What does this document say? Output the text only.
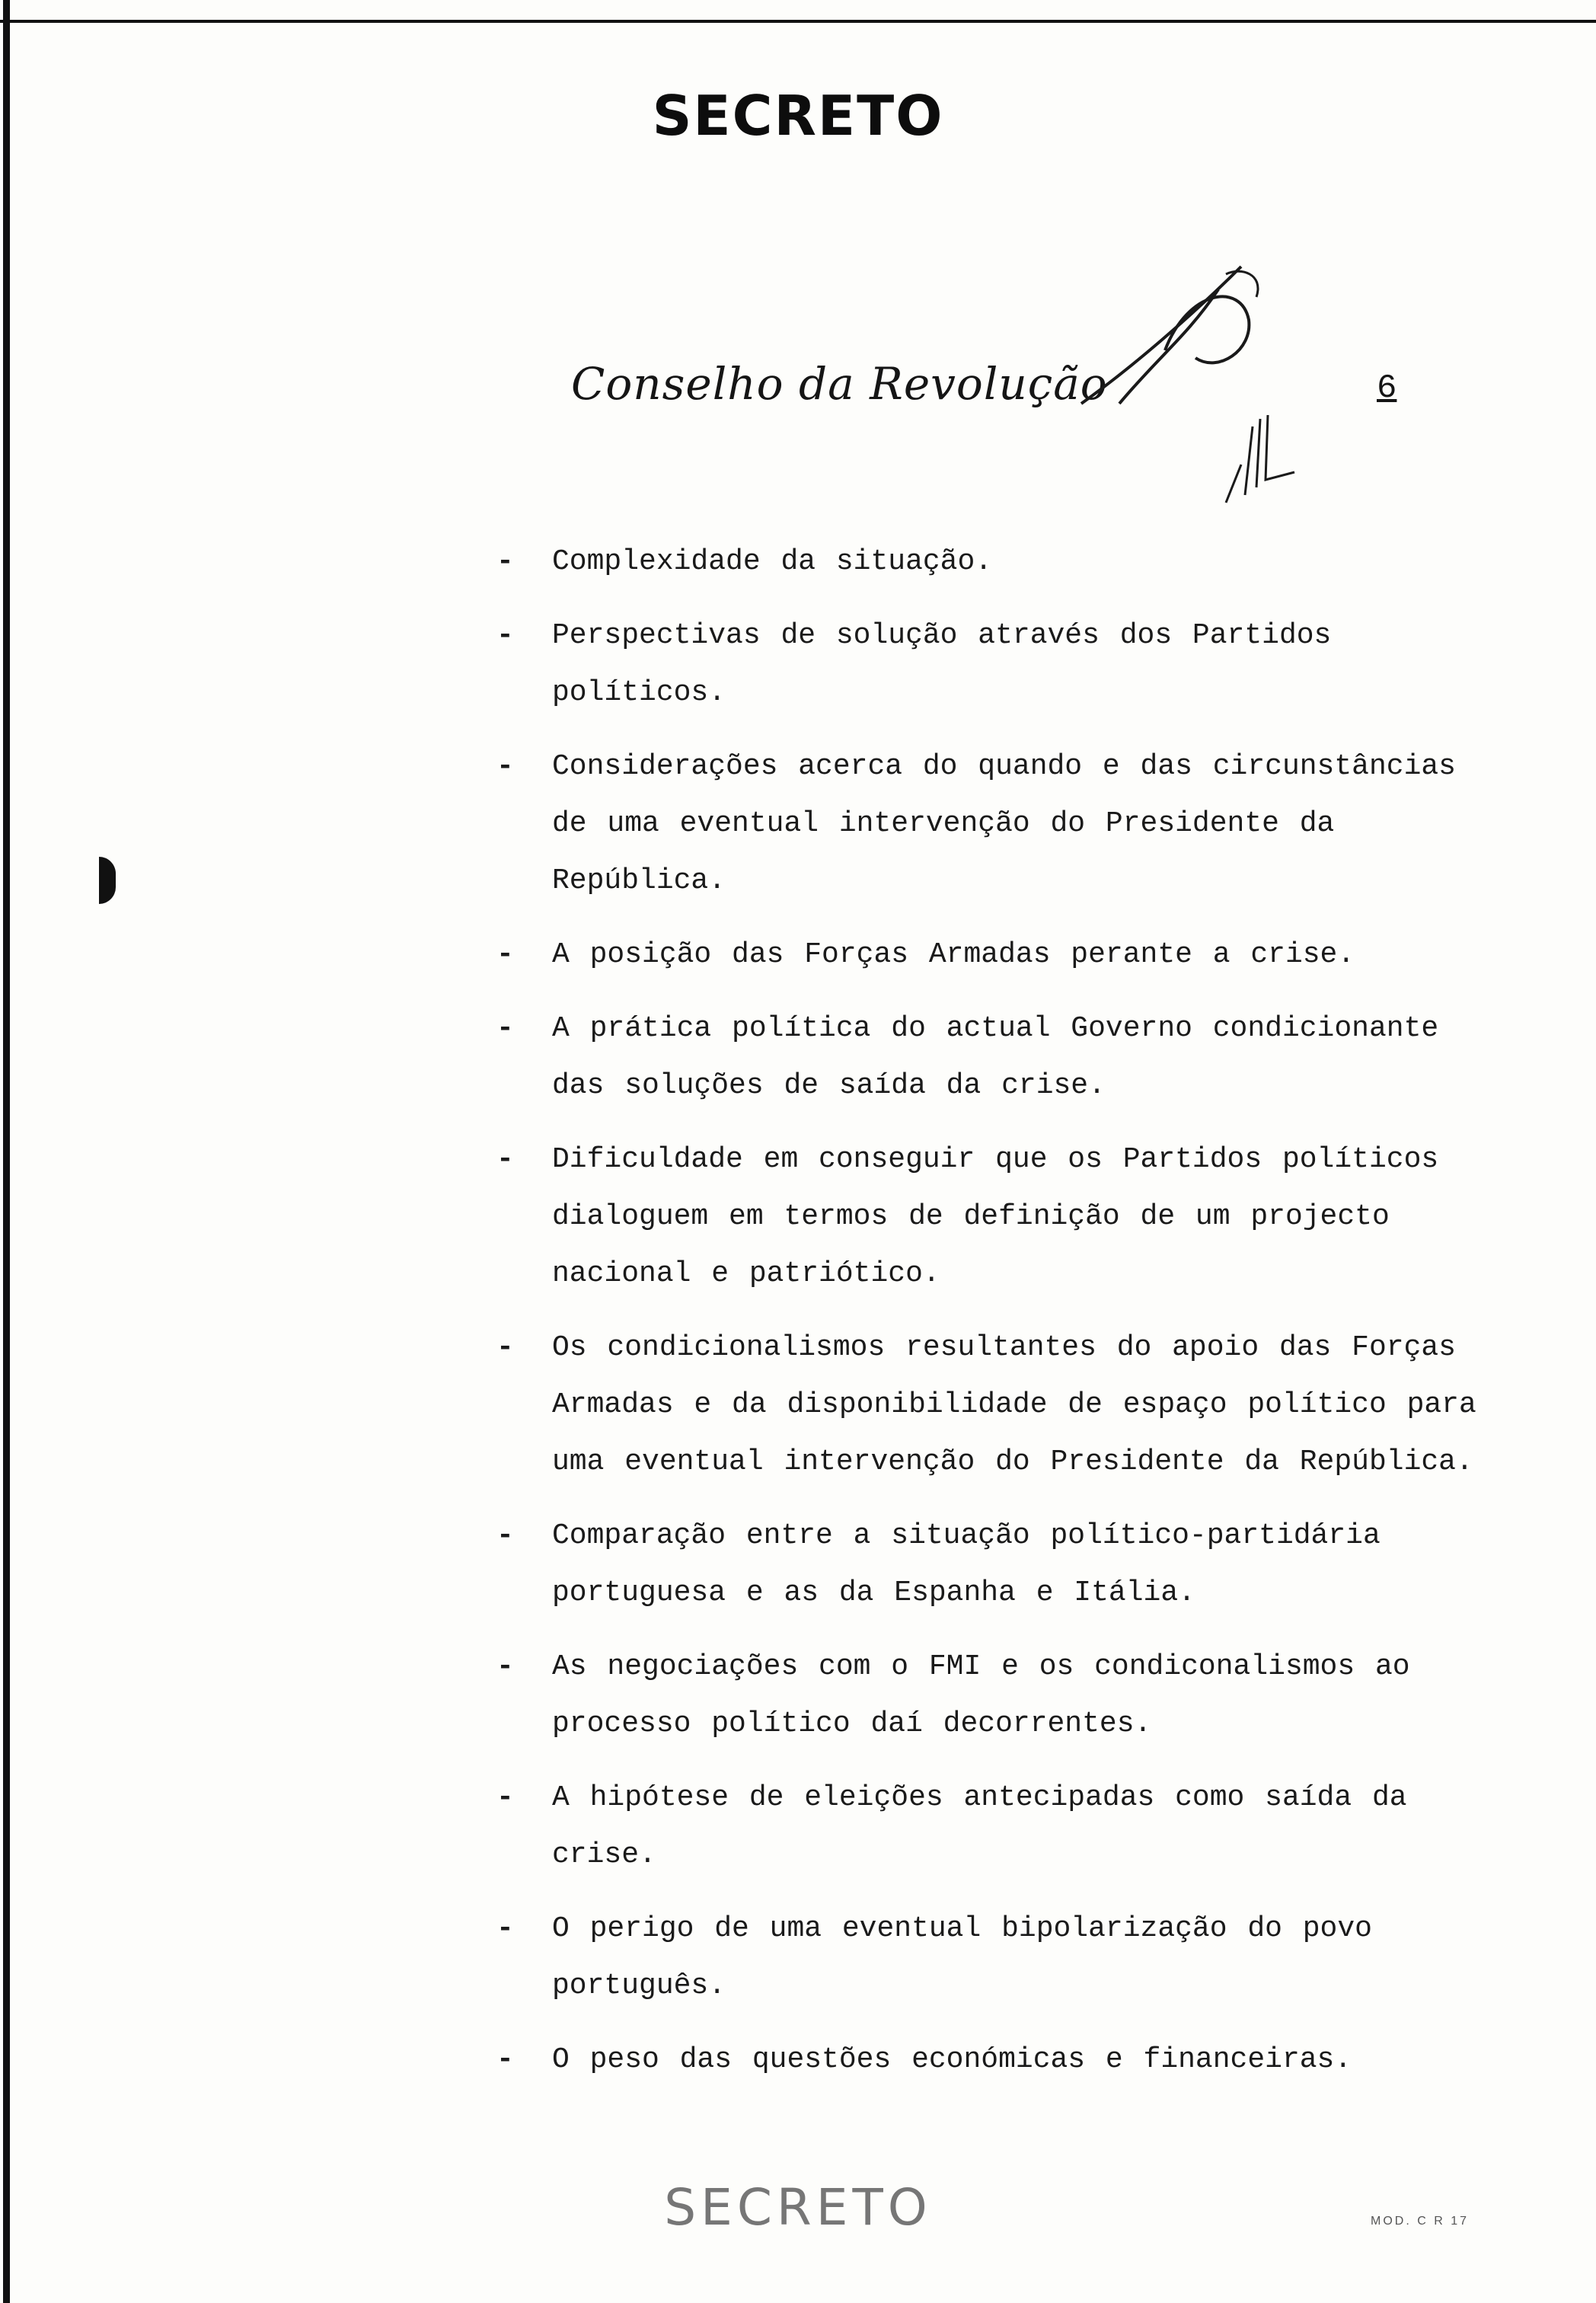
SECRETO
Conselho da Revolução	6
- Complexidade da situação.
- Perspectivas de solução através dos Partidos políticos.
- Considerações acerca do quando e das circunstâncias de uma eventual intervenção do Presidente da República.
- A posição das Forças Armadas perante a crise.
- A prática política do actual Governo condicionante das soluções de saída da crise.
- Dificuldade em conseguir que os Partidos políticos dialoguem em termos de definição de um projecto nacional e patriótico.
- Os condicionalismos resultantes do apoio das Forças Armadas e da disponibilidade de espaço político para uma eventual intervenção do Presidente da República.
- Comparação entre a situação político-partidária portuguesa e as da Espanha e Itália.
- As negociações com o FMI e os condiconalismos ao processo político daí decorrentes.
- A hipótese de eleições antecipadas como saída da crise.
- O perigo de uma eventual bipolarização do povo português.
- O peso das questões económicas e financeiras.
SECRETO	MOD. C R 17
